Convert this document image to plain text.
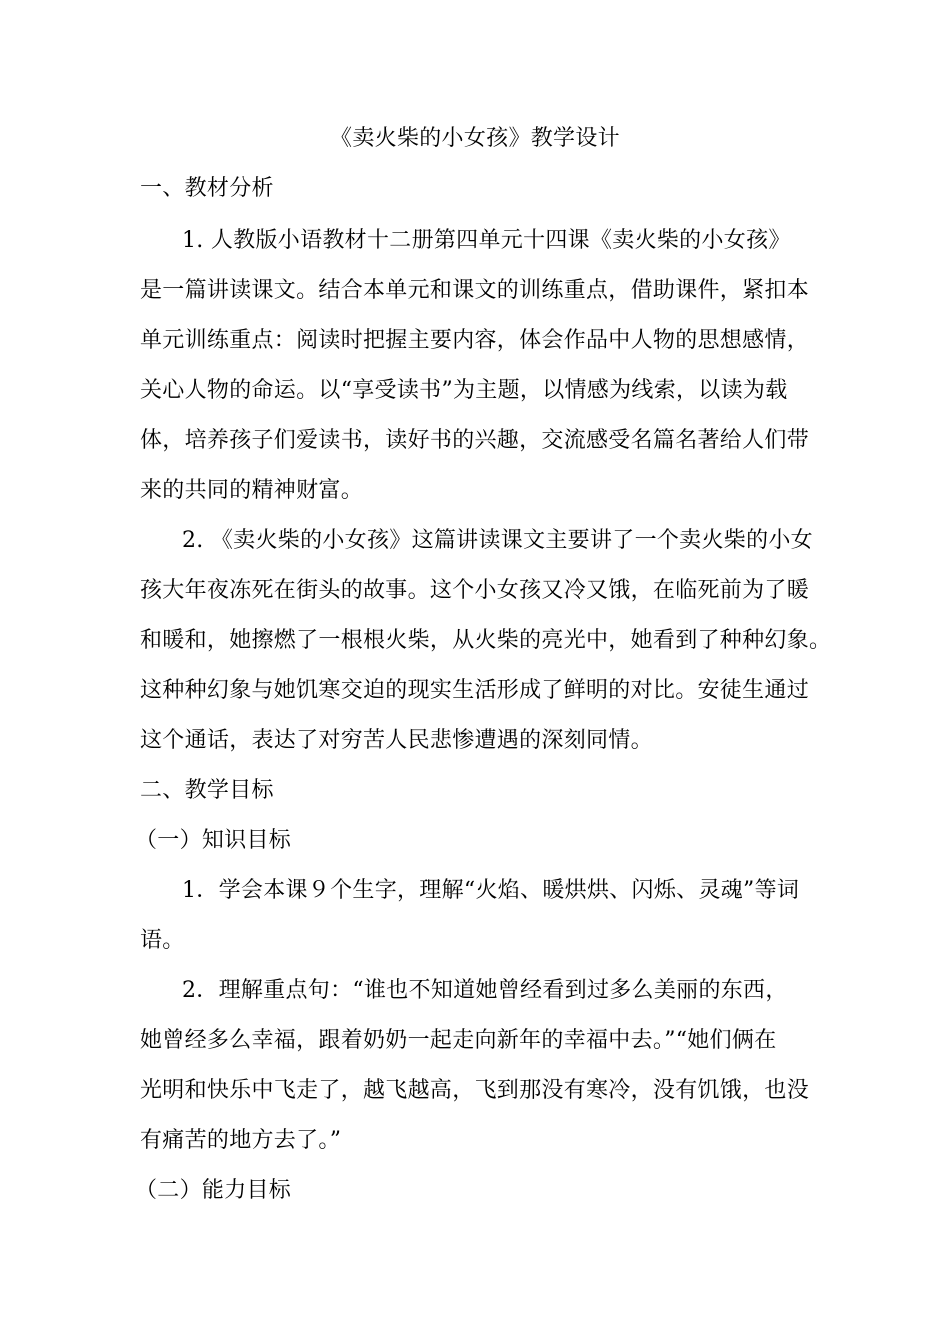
《卖火柴的小女孩》教学设计
一、教材分析
1. 人教版小语教材十二册第四单元十四课《卖火柴的小女孩》
是一篇讲读课文。结合本单元和课文的训练重点，借助课件，紧扣本
单元训练重点：阅读时把握主要内容，体会作品中人物的思想感情，
关心人物的命运。以“享受读书”为主题，以情感为线索，以读为载
体，培养孩子们爱读书，读好书的兴趣，交流感受名篇名著给人们带
来的共同的精神财富。
2. 《卖火柴的小女孩》这篇讲读课文主要讲了一个卖火柴的小女
孩大年夜冻死在街头的故事。这个小女孩又冷又饿，在临死前为了暖
和暖和，她擦燃了一根根火柴，从火柴的亮光中，她看到了种种幻象。
这种种幻象与她饥寒交迫的现实生活形成了鲜明的对比。安徒生通过
这个通话，表达了对穷苦人民悲惨遭遇的深刻同情。
二、教学目标
（一）知识目标
1．学会本课９个生字，理解“火焰、暖烘烘、闪烁、灵魂”等词
语。
2．理解重点句：“谁也不知道她曾经看到过多么美丽的东西，
她曾经多么幸福，跟着奶奶一起走向新年的幸福中去。”“她们俩在
光明和快乐中飞走了，越飞越高，飞到那没有寒冷，没有饥饿，也没
有痛苦的地方去了。”
（二）能力目标
